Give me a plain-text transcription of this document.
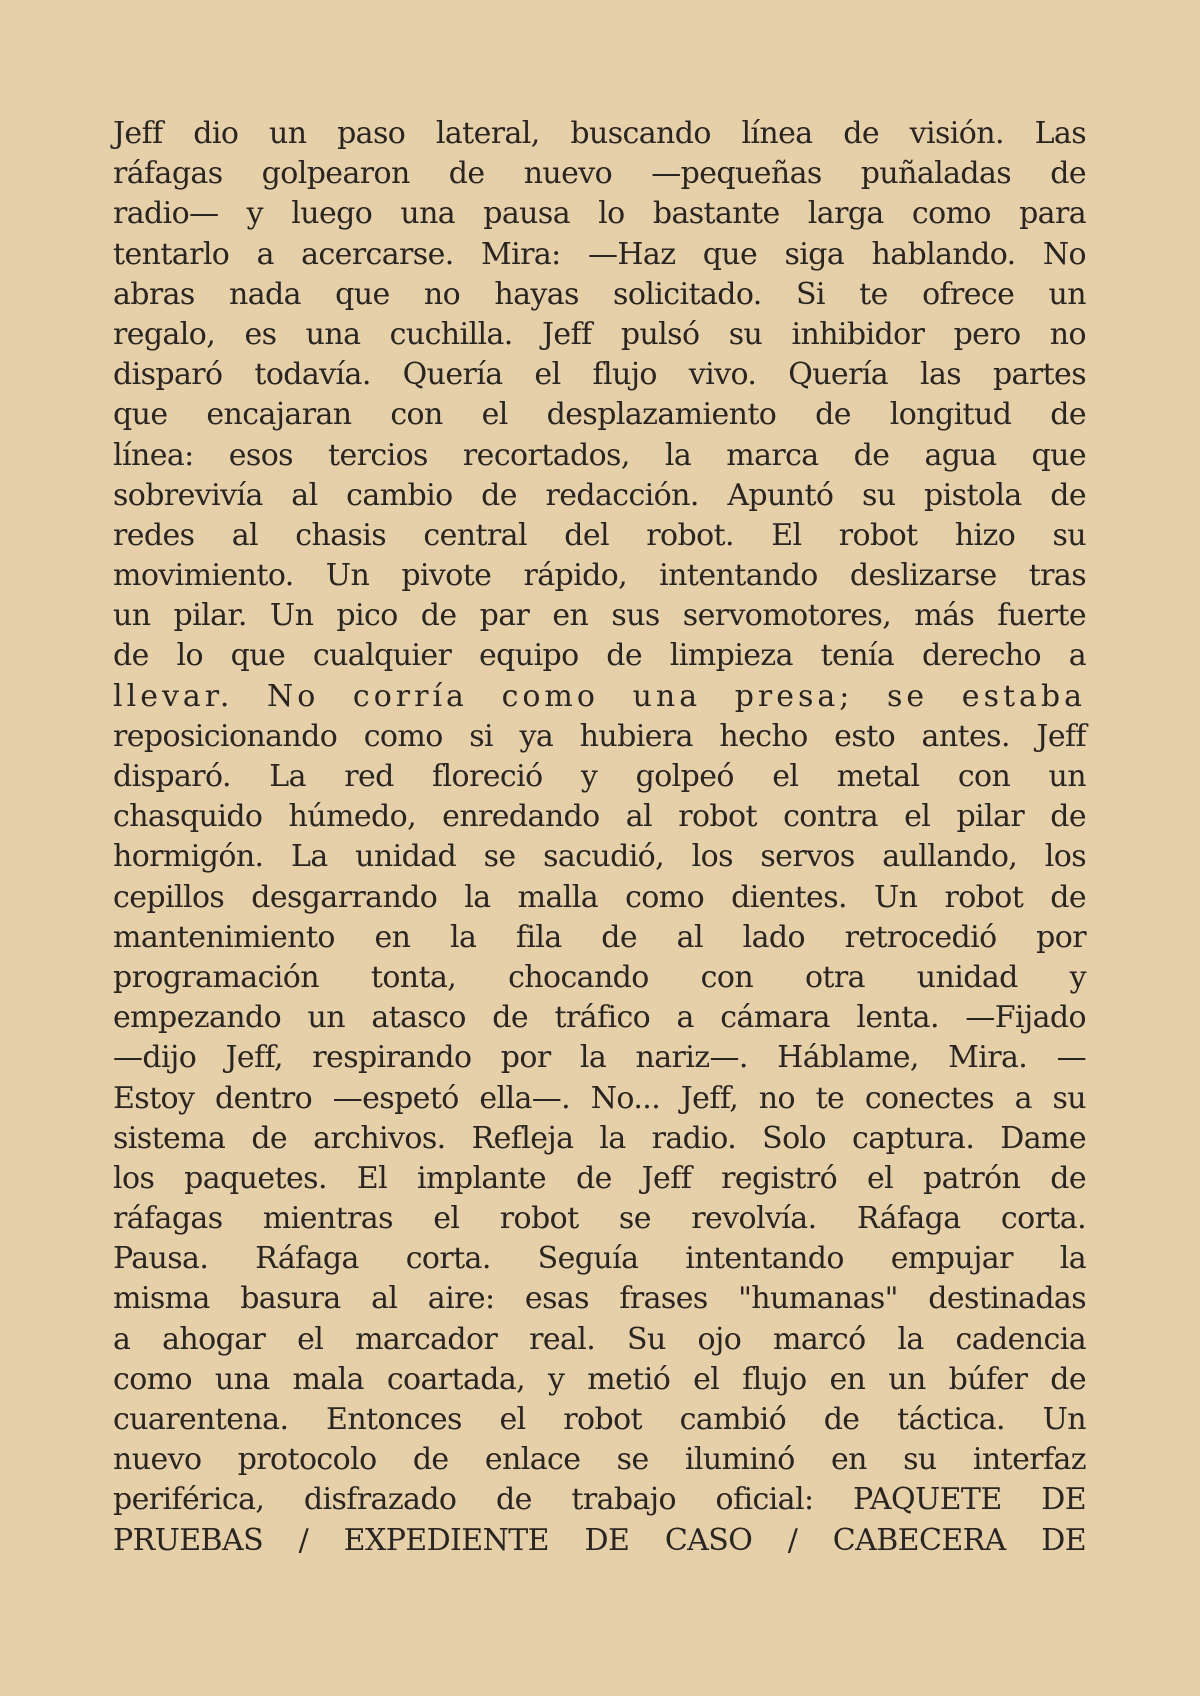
Jeff dio un paso lateral, buscando línea de visión. Las
ráfagas golpearon de nuevo —pequeñas puñaladas de
radio— y luego una pausa lo bastante larga como para
tentarlo a acercarse. Mira: —Haz que siga hablando. No
abras nada que no hayas solicitado. Si te ofrece un
regalo, es una cuchilla. Jeff pulsó su inhibidor pero no
disparó todavía. Quería el flujo vivo. Quería las partes
que encajaran con el desplazamiento de longitud de
línea: esos tercios recortados, la marca de agua que
sobrevivía al cambio de redacción. Apuntó su pistola de
redes al chasis central del robot. El robot hizo su
movimiento. Un pivote rápido, intentando deslizarse tras
un pilar. Un pico de par en sus servomotores, más fuerte
de lo que cualquier equipo de limpieza tenía derecho a
llevar. No corría como una presa; se estaba
reposicionando como si ya hubiera hecho esto antes. Jeff
disparó. La red floreció y golpeó el metal con un
chasquido húmedo, enredando al robot contra el pilar de
hormigón. La unidad se sacudió, los servos aullando, los
cepillos desgarrando la malla como dientes. Un robot de
mantenimiento en la fila de al lado retrocedió por
programación tonta, chocando con otra unidad y
empezando un atasco de tráfico a cámara lenta. —Fijado
—dijo Jeff, respirando por la nariz—. Háblame, Mira. —
Estoy dentro —espetó ella—. No... Jeff, no te conectes a su
sistema de archivos. Refleja la radio. Solo captura. Dame
los paquetes. El implante de Jeff registró el patrón de
ráfagas mientras el robot se revolvía. Ráfaga corta.
Pausa. Ráfaga corta. Seguía intentando empujar la
misma basura al aire: esas frases "humanas" destinadas
a ahogar el marcador real. Su ojo marcó la cadencia
como una mala coartada, y metió el flujo en un búfer de
cuarentena. Entonces el robot cambió de táctica. Un
nuevo protocolo de enlace se iluminó en su interfaz
periférica, disfrazado de trabajo oficial: PAQUETE DE
PRUEBAS / EXPEDIENTE DE CASO / CABECERA DE
